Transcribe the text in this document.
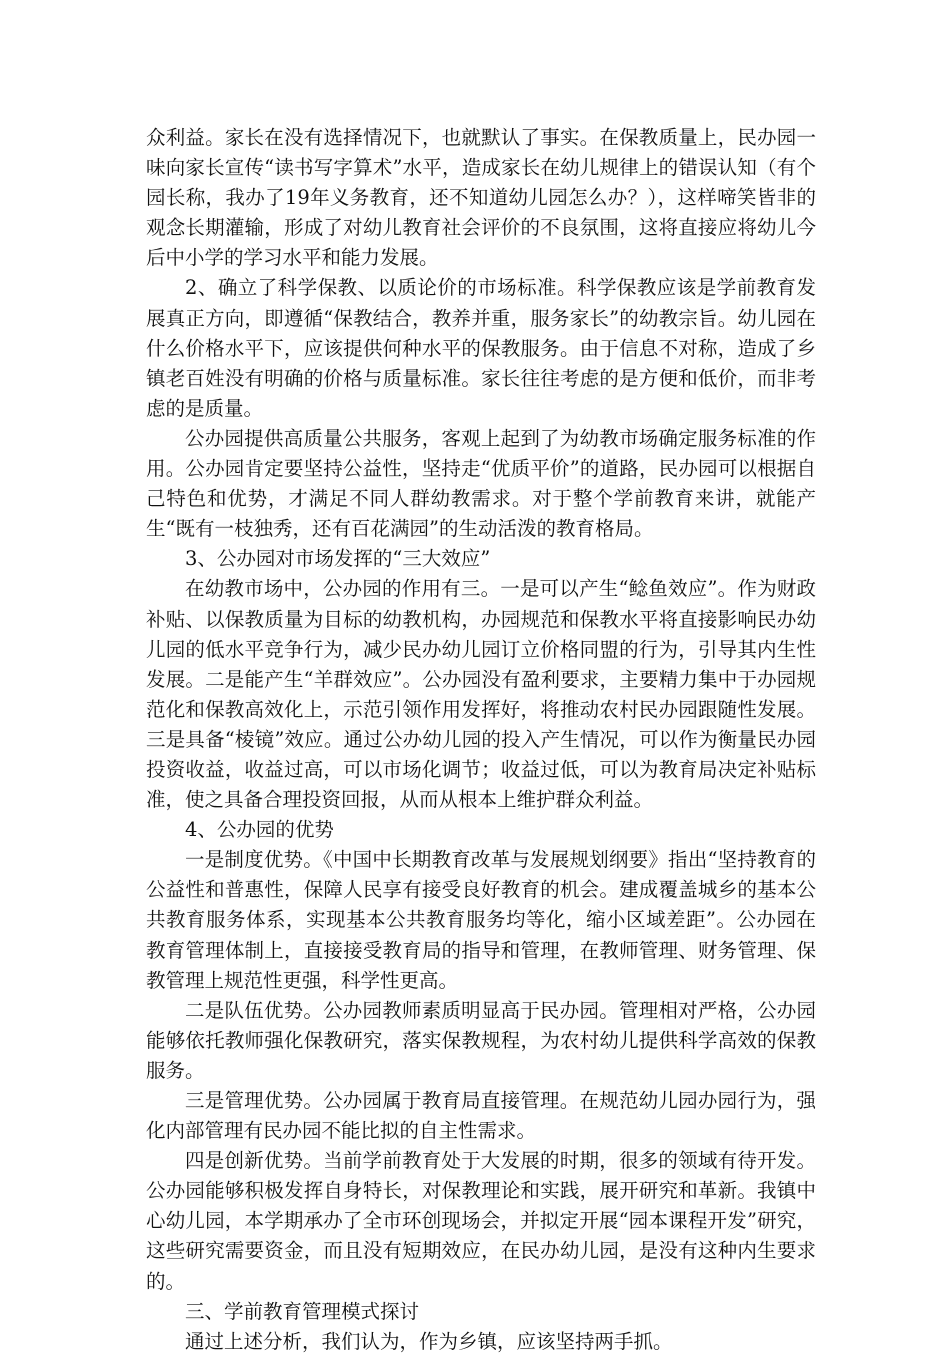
众利益。家长在没有选择情况下，也就默认了事实。在保教质量上，民办园一味向家长宣传“读书写字算术”水平，造成家长在幼儿规律上的错误认知（有个园长称，我办了19年义务教育，还不知道幼儿园怎么办？），这样啼笑皆非的观念长期灌输，形成了对幼儿教育社会评价的不良氛围，这将直接应将幼儿今后中小学的学习水平和能力发展。

2、确立了科学保教、以质论价的市场标准。科学保教应该是学前教育发展真正方向，即遵循“保教结合，教养并重，服务家长”的幼教宗旨。幼儿园在什么价格水平下，应该提供何种水平的保教服务。由于信息不对称，造成了乡镇老百姓没有明确的价格与质量标准。家长往往考虑的是方便和低价，而非考虑的是质量。

公办园提供高质量公共服务，客观上起到了为幼教市场确定服务标准的作用。公办园肯定要坚持公益性，坚持走“优质平价”的道路，民办园可以根据自己特色和优势，才满足不同人群幼教需求。对于整个学前教育来讲，就能产生“既有一枝独秀，还有百花满园”的生动活泼的教育格局。

3、公办园对市场发挥的“三大效应”

在幼教市场中，公办园的作用有三。一是可以产生“鲶鱼效应”。作为财政补贴、以保教质量为目标的幼教机构，办园规范和保教水平将直接影响民办幼儿园的低水平竞争行为，减少民办幼儿园订立价格同盟的行为，引导其内生性发展。二是能产生“羊群效应”。公办园没有盈利要求，主要精力集中于办园规范化和保教高效化上，示范引领作用发挥好，将推动农村民办园跟随性发展。三是具备“棱镜”效应。通过公办幼儿园的投入产生情况，可以作为衡量民办园投资收益，收益过高，可以市场化调节；收益过低，可以为教育局决定补贴标准，使之具备合理投资回报，从而从根本上维护群众利益。

4、公办园的优势

一是制度优势。《中国中长期教育改革与发展规划纲要》指出“坚持教育的公益性和普惠性，保障人民享有接受良好教育的机会。建成覆盖城乡的基本公共教育服务体系，实现基本公共教育服务均等化，缩小区域差距”。公办园在教育管理体制上，直接接受教育局的指导和管理，在教师管理、财务管理、保教管理上规范性更强，科学性更高。

二是队伍优势。公办园教师素质明显高于民办园。管理相对严格，公办园能够依托教师强化保教研究，落实保教规程，为农村幼儿提供科学高效的保教服务。

三是管理优势。公办园属于教育局直接管理。在规范幼儿园办园行为，强化内部管理有民办园不能比拟的自主性需求。

四是创新优势。当前学前教育处于大发展的时期，很多的领域有待开发。公办园能够积极发挥自身特长，对保教理论和实践，展开研究和革新。我镇中心幼儿园，本学期承办了全市环创现场会，并拟定开展“园本课程开发”研究，这些研究需要资金，而且没有短期效应，在民办幼儿园，是没有这种内生要求的。

三、学前教育管理模式探讨

通过上述分析，我们认为，作为乡镇，应该坚持两手抓。
